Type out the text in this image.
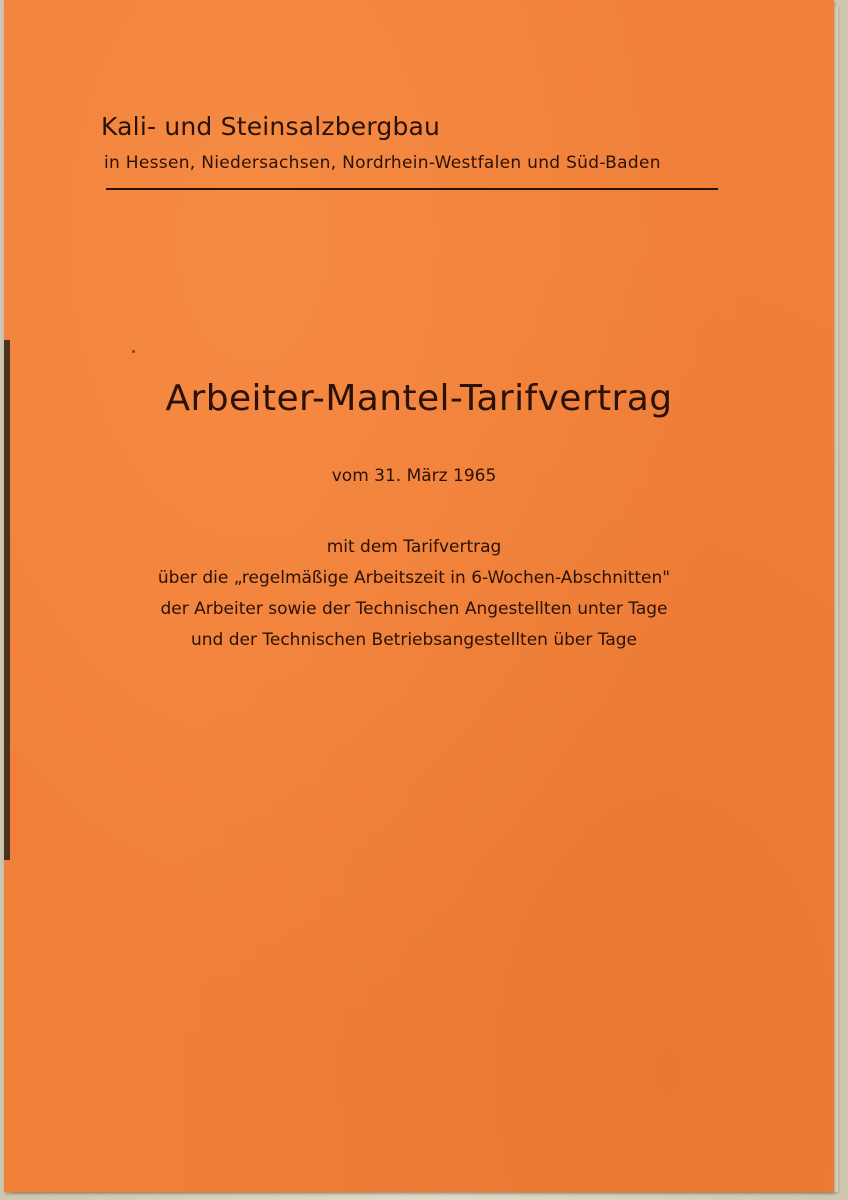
Kali- und Steinsalzbergbau

in Hessen, Niedersachsen, Nordrhein-Westfalen und Süd-Baden

Arbeiter-Mantel-Tarifvertrag

vom 31. März 1965

mit dem Tarifvertrag
über die „regelmäßige Arbeitszeit in 6-Wochen-Abschnitten"
der Arbeiter sowie der Technischen Angestellten unter Tage
und der Technischen Betriebsangestellten über Tage
